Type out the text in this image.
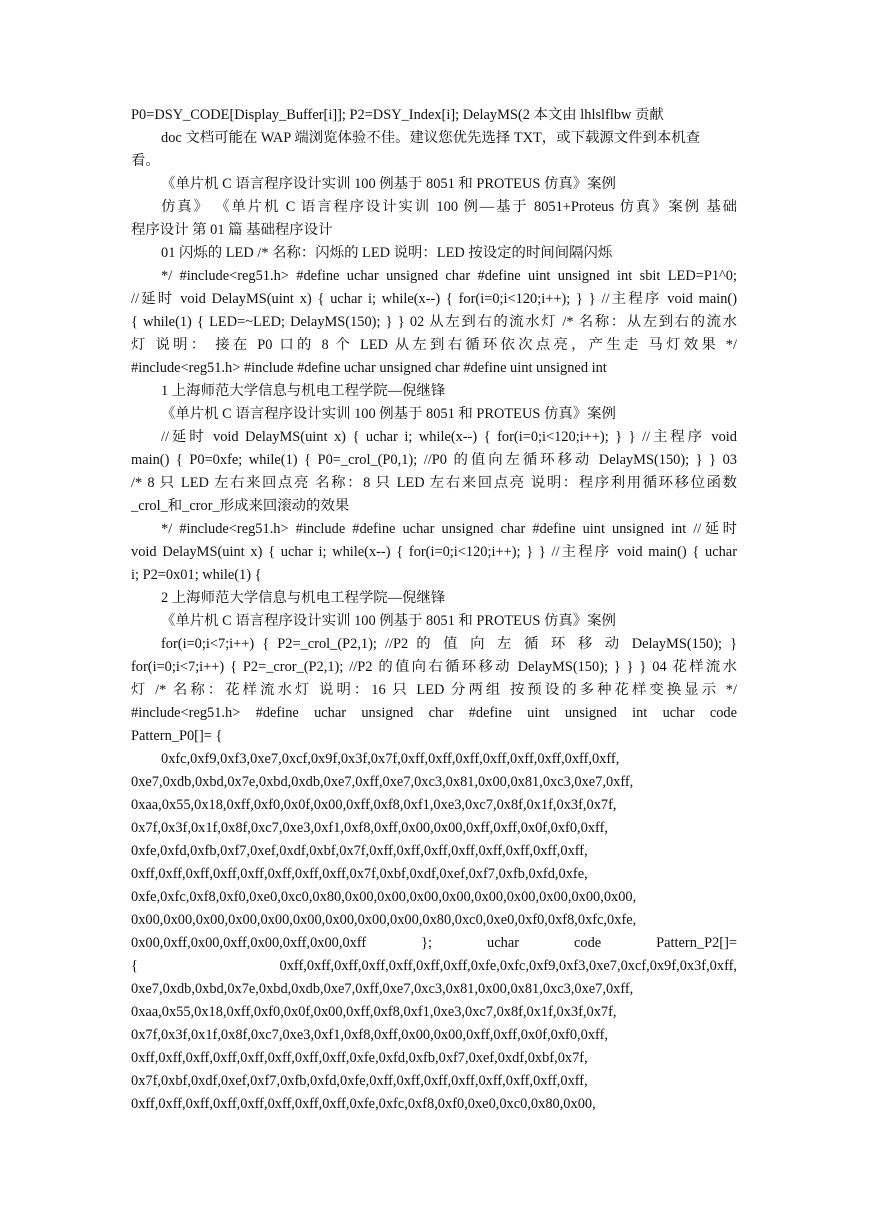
P0=DSY_CODE[Display_Buffer[i]]; P2=DSY_Index[i]; DelayMS(2 本文由 lhlslflbw 贡献
doc 文档可能在 WAP 端浏览体验不佳。建议您优先选择 TXT，或下载源文件到本机查
看。
《单片机 C 语言程序设计实训 100 例基于 8051 和 PROTEUS 仿真》案例
仿真》 《单片机 C 语言程序设计实训 100 例—基于 8051+Proteus 仿真》案例 基础
程序设计 第 01 篇 基础程序设计
01 闪烁的 LED /* 名称：闪烁的 LED 说明：LED 按设定的时间间隔闪烁
*/ #include<reg51.h> #define uchar unsigned char #define uint unsigned int sbit LED=P1^0;
//延时 void DelayMS(uint x) { uchar i; while(x--) { for(i=0;i<120;i++); } } //主程序 void main()
{ while(1) { LED=~LED; DelayMS(150); } } 02 从左到右的流水灯 /* 名称：从左到右的流水
灯 说明： 接在 P0 口的 8 个 LED 从左到右循环依次点亮，产生走 马灯效果 */
#include<reg51.h> #include #define uchar unsigned char #define uint unsigned int
1 上海师范大学信息与机电工程学院—倪继锋
《单片机 C 语言程序设计实训 100 例基于 8051 和 PROTEUS 仿真》案例
//延时 void DelayMS(uint x) { uchar i; while(x--) { for(i=0;i<120;i++); } } //主程序 void
main() { P0=0xfe; while(1) { P0=_crol_(P0,1); //P0 的值向左循环移动 DelayMS(150); } } 03
/* 8 只 LED 左右来回点亮 名称：8 只 LED 左右来回点亮 说明：程序利用循环移位函数
_crol_和_cror_形成来回滚动的效果
*/ #include<reg51.h> #include #define uchar unsigned char #define uint unsigned int //延时
void DelayMS(uint x) { uchar i; while(x--) { for(i=0;i<120;i++); } } //主程序 void main() { uchar
i; P2=0x01; while(1) {
2 上海师范大学信息与机电工程学院—倪继锋
《单片机 C 语言程序设计实训 100 例基于 8051 和 PROTEUS 仿真》案例
for(i=0;i<7;i++) { P2=_crol_(P2,1); //P2 的 值 向 左 循 环 移 动 DelayMS(150); }
for(i=0;i<7;i++) { P2=_cror_(P2,1); //P2 的值向右循环移动 DelayMS(150); } } } 04 花样流水
灯 /* 名称：花样流水灯 说明：16 只 LED 分两组 按预设的多种花样变换显示 */
#include<reg51.h> #define uchar unsigned char #define uint unsigned int uchar code
Pattern_P0[]= {
0xfc,0xf9,0xf3,0xe7,0xcf,0x9f,0x3f,0x7f,0xff,0xff,0xff,0xff,0xff,0xff,0xff,0xff,
0xe7,0xdb,0xbd,0x7e,0xbd,0xdb,0xe7,0xff,0xe7,0xc3,0x81,0x00,0x81,0xc3,0xe7,0xff,
0xaa,0x55,0x18,0xff,0xf0,0x0f,0x00,0xff,0xf8,0xf1,0xe3,0xc7,0x8f,0x1f,0x3f,0x7f,
0x7f,0x3f,0x1f,0x8f,0xc7,0xe3,0xf1,0xf8,0xff,0x00,0x00,0xff,0xff,0x0f,0xf0,0xff,
0xfe,0xfd,0xfb,0xf7,0xef,0xdf,0xbf,0x7f,0xff,0xff,0xff,0xff,0xff,0xff,0xff,0xff,
0xff,0xff,0xff,0xff,0xff,0xff,0xff,0xff,0x7f,0xbf,0xdf,0xef,0xf7,0xfb,0xfd,0xfe,
0xfe,0xfc,0xf8,0xf0,0xe0,0xc0,0x80,0x00,0x00,0x00,0x00,0x00,0x00,0x00,0x00,0x00,
0x00,0x00,0x00,0x00,0x00,0x00,0x00,0x00,0x00,0x80,0xc0,0xe0,0xf0,0xf8,0xfc,0xfe,
0x00,0xff,0x00,0xff,0x00,0xff,0x00,0xff }; uchar code Pattern_P2[]=
{ 0xff,0xff,0xff,0xff,0xff,0xff,0xff,0xfe,0xfc,0xf9,0xf3,0xe7,0xcf,0x9f,0x3f,0xff,
0xe7,0xdb,0xbd,0x7e,0xbd,0xdb,0xe7,0xff,0xe7,0xc3,0x81,0x00,0x81,0xc3,0xe7,0xff,
0xaa,0x55,0x18,0xff,0xf0,0x0f,0x00,0xff,0xf8,0xf1,0xe3,0xc7,0x8f,0x1f,0x3f,0x7f,
0x7f,0x3f,0x1f,0x8f,0xc7,0xe3,0xf1,0xf8,0xff,0x00,0x00,0xff,0xff,0x0f,0xf0,0xff,
0xff,0xff,0xff,0xff,0xff,0xff,0xff,0xff,0xfe,0xfd,0xfb,0xf7,0xef,0xdf,0xbf,0x7f,
0x7f,0xbf,0xdf,0xef,0xf7,0xfb,0xfd,0xfe,0xff,0xff,0xff,0xff,0xff,0xff,0xff,0xff,
0xff,0xff,0xff,0xff,0xff,0xff,0xff,0xff,0xfe,0xfc,0xf8,0xf0,0xe0,0xc0,0x80,0x00,
